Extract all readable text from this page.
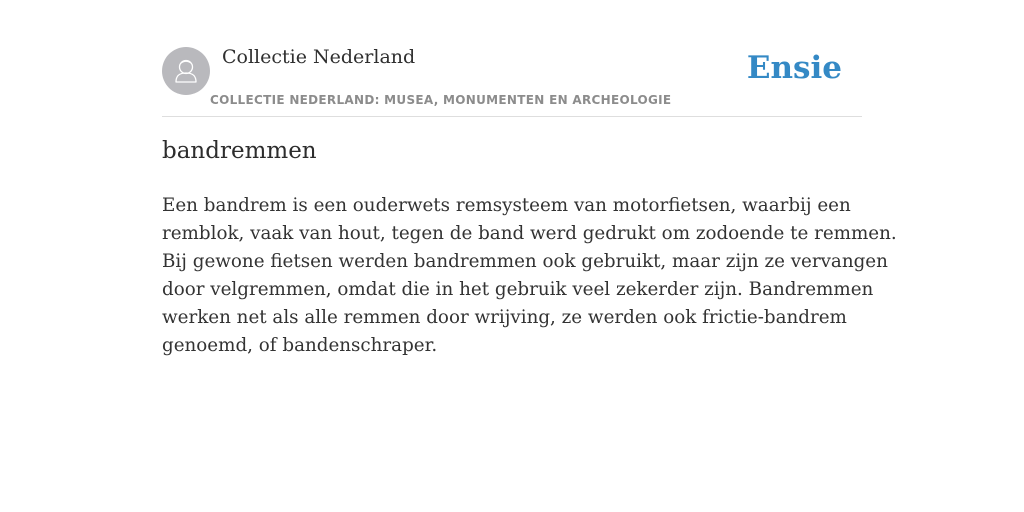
Collectie Nederland
COLLECTIE NEDERLAND: MUSEA, MONUMENTEN EN ARCHEOLOGIE
Ensie
bandremmen
Een bandrem is een ouderwets remsysteem van motorfietsen, waarbij een
remblok, vaak van hout, tegen de band werd gedrukt om zodoende te remmen.
Bij gewone fietsen werden bandremmen ook gebruikt, maar zijn ze vervangen
door velgremmen, omdat die in het gebruik veel zekerder zijn. Bandremmen
werken net als alle remmen door wrijving, ze werden ook frictie-bandrem
genoemd, of bandenschraper.
